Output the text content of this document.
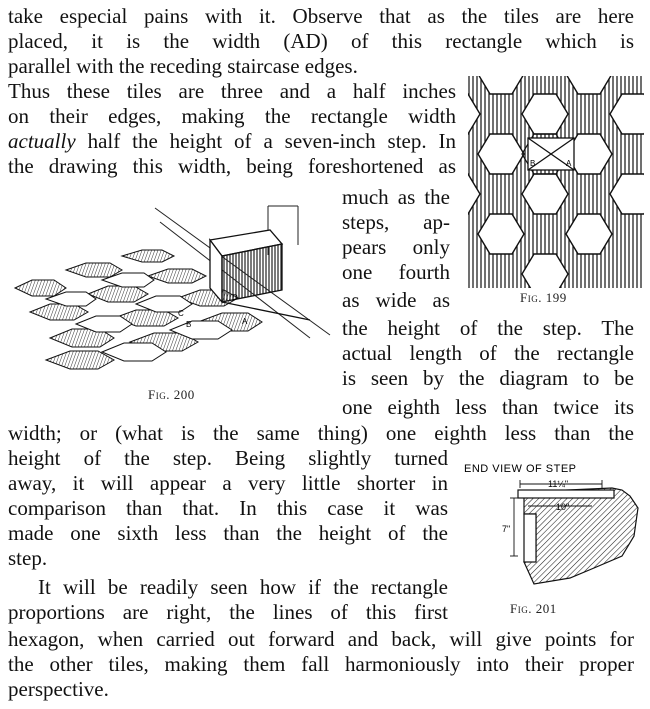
take especial pains with it. Observe that as the tiles are here
placed, it is the width (AD) of this rectangle which is
parallel with the receding staircase edges.
Thus these tiles are three and a half inches
on their edges, making the rectangle width
actually half the height of a seven-inch step. In
the drawing this width, being foreshortened as
much as the
steps, ap-
pears only
one fourth
as wide as
the height of the step. The
actual length of the rectangle
is seen by the diagram to be
one eighth less than twice its
width; or (what is the same thing) one eighth less than the
height of the step. Being slightly turned
away, it will appear a very little shorter in
comparison than that. In this case it was
made one sixth less than the height of the
step.
It will be readily seen how if the rectangle
proportions are right, the lines of this first
hexagon, when carried out forward and back, will give points for
the other tiles, making them fall harmoniously into their proper
perspective.
B	A
Fig. 199
D
C
B	A
Fig. 200
END VIEW OF STEP
11¼"
10"
7"
Fig. 201
